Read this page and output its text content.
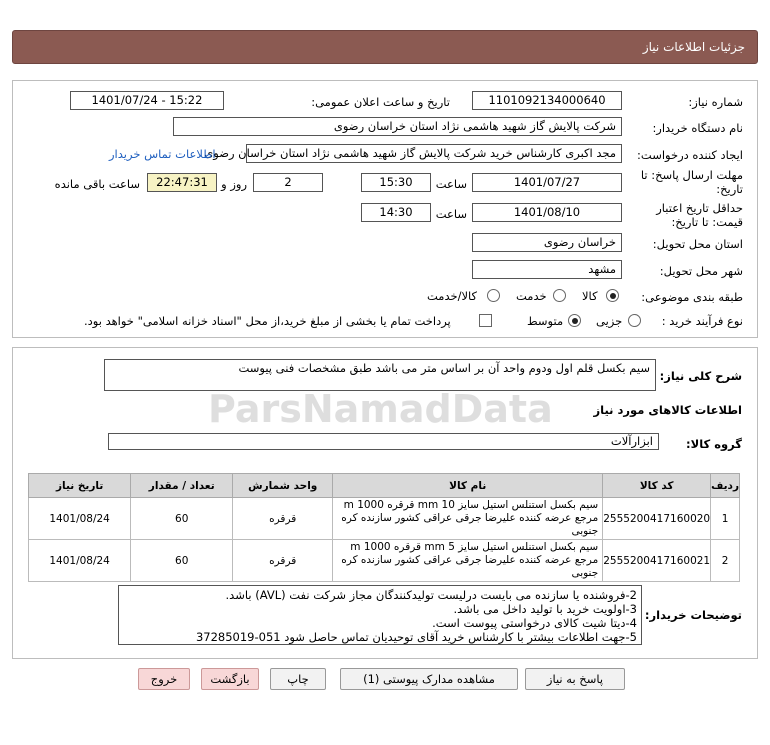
جزئیات اطلاعات نیاز
شماره نیاز:
1101092134000640
تاریخ و ساعت اعلان عمومی:
1401/07/24 - 15:22
نام دستگاه خریدار:
شرکت پالایش گاز شهید هاشمی نژاد استان خراسان رضوی
ایجاد کننده درخواست:
مجد اکبری کارشناس خرید شرکت پالایش گاز شهید هاشمی نژاد استان خراسان رضوی
اطلاعات تماس خریدار
مهلت ارسال پاسخ: تا
تاریخ:
1401/07/27
ساعت
15:30
2
روز و
22:47:31
ساعت باقی مانده
حداقل تاریخ اعتبار
قیمت: تا تاریخ:
1401/08/10
ساعت
14:30
استان محل تحویل:
خراسان رضوی
شهر محل تحویل:
مشهد
طبقه بندی موضوعی:
کالا
خدمت
کالا/خدمت
نوع فرآیند خرید :
جزیی
متوسط
پرداخت تمام یا بخشی از مبلغ خرید،از محل "اسناد خزانه اسلامی" خواهد بود.
شرح کلی نیاز:
سیم بکسل قلم اول ودوم واحد آن بر اساس متر می باشد طبق مشخصات فنی پیوست
اطلاعات کالاهای مورد نیاز
گروه کالا:
ابزارآلات
ردیف	کد کالا	نام کالا	واحد شمارش	تعداد / مقدار	تاریخ نیاز
1	2555200417160020	سیم بکسل استنلس استیل سایز mm 10 قرقره m 1000 مرجع عرضه کننده علیرضا جرقی عراقی کشور سازنده کره جنوبی	قرقره	60	1401/08/24
2	2555200417160021	سیم بکسل استنلس استیل سایز mm 5 قرقره m 1000 مرجع عرضه کننده علیرضا جرقی عراقی کشور سازنده کره جنوبی	قرقره	60	1401/08/24
توضیحات خریدار:
2-فروشنده یا سازنده می بایست درلیست تولیدکنندگان مجاز شرکت نفت (AVL) باشد.
3-اولویت خرید با تولید داخل می باشد.
4-دیتا شیت کالای درخواستی پیوست است.
5-جهت اطلاعات بیشتر با کارشناس خرید آقای توحیدیان تماس حاصل شود 051-37285019
ParsNamadData
پاسخ به نیاز
مشاهده مدارک پیوستی (1)
چاپ
بازگشت
خروج
